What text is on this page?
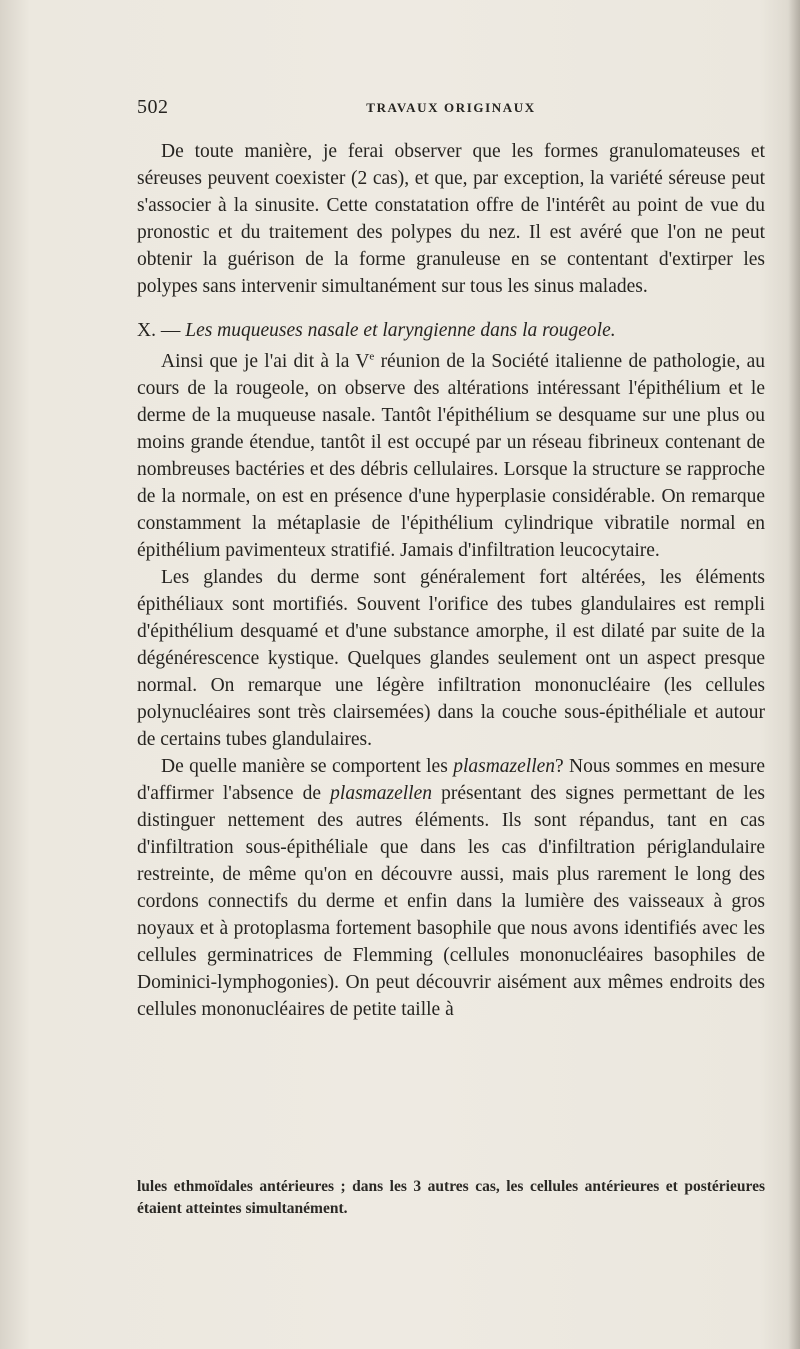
502	TRAVAUX ORIGINAUX

De toute manière, je ferai observer que les formes granulomateuses et séreuses peuvent coexister (2 cas), et que, par exception, la variété séreuse peut s'associer à la sinusite. Cette constatation offre de l'intérêt au point de vue du pronostic et du traitement des polypes du nez. Il est avéré que l'on ne peut obtenir la guérison de la forme granuleuse en se contentant d'extirper les polypes sans intervenir simultanément sur tous les sinus malades.

X. — Les muqueuses nasale et laryngienne dans la rougeole.

Ainsi que je l'ai dit à la Ve réunion de la Société italienne de pathologie, au cours de la rougeole, on observe des altérations intéressant l'épithélium et le derme de la muqueuse nasale. Tantôt l'épithélium se desquame sur une plus ou moins grande étendue, tantôt il est occupé par un réseau fibrineux contenant de nombreuses bactéries et des débris cellulaires. Lorsque la structure se rapproche de la normale, on est en présence d'une hyperplasie considérable. On remarque constamment la métaplasie de l'épithélium cylindrique vibratile normal en épithélium pavimenteux stratifié. Jamais d'infiltration leucocytaire.

Les glandes du derme sont généralement fort altérées, les éléments épithéliaux sont mortifiés. Souvent l'orifice des tubes glandulaires est rempli d'épithélium desquamé et d'une substance amorphe, il est dilaté par suite de la dégénérescence kystique. Quelques glandes seulement ont un aspect presque normal. On remarque une légère infiltration mononucléaire (les cellules polynucléaires sont très clairsemées) dans la couche sous-épithéliale et autour de certains tubes glandulaires.

De quelle manière se comportent les plasmazellen? Nous sommes en mesure d'affirmer l'absence de plasmazellen présentant des signes permettant de les distinguer nettement des autres éléments. Ils sont répandus, tant en cas d'infiltration sous-épithéliale que dans les cas d'infiltration périglandulaire restreinte, de même qu'on en découvre aussi, mais plus rarement le long des cordons connectifs du derme et enfin dans la lumière des vaisseaux à gros noyaux et à protoplasma fortement basophile que nous avons identifiés avec les cellules germinatrices de Flemming (cellules mononucléaires basophiles de Dominici-lymphogonies). On peut découvrir aisément aux mêmes endroits des cellules mononucléaires de petite taille à

lules ethmoïdales antérieures ; dans les 3 autres cas, les cellules antérieures et postérieures étaient atteintes simultanément.
